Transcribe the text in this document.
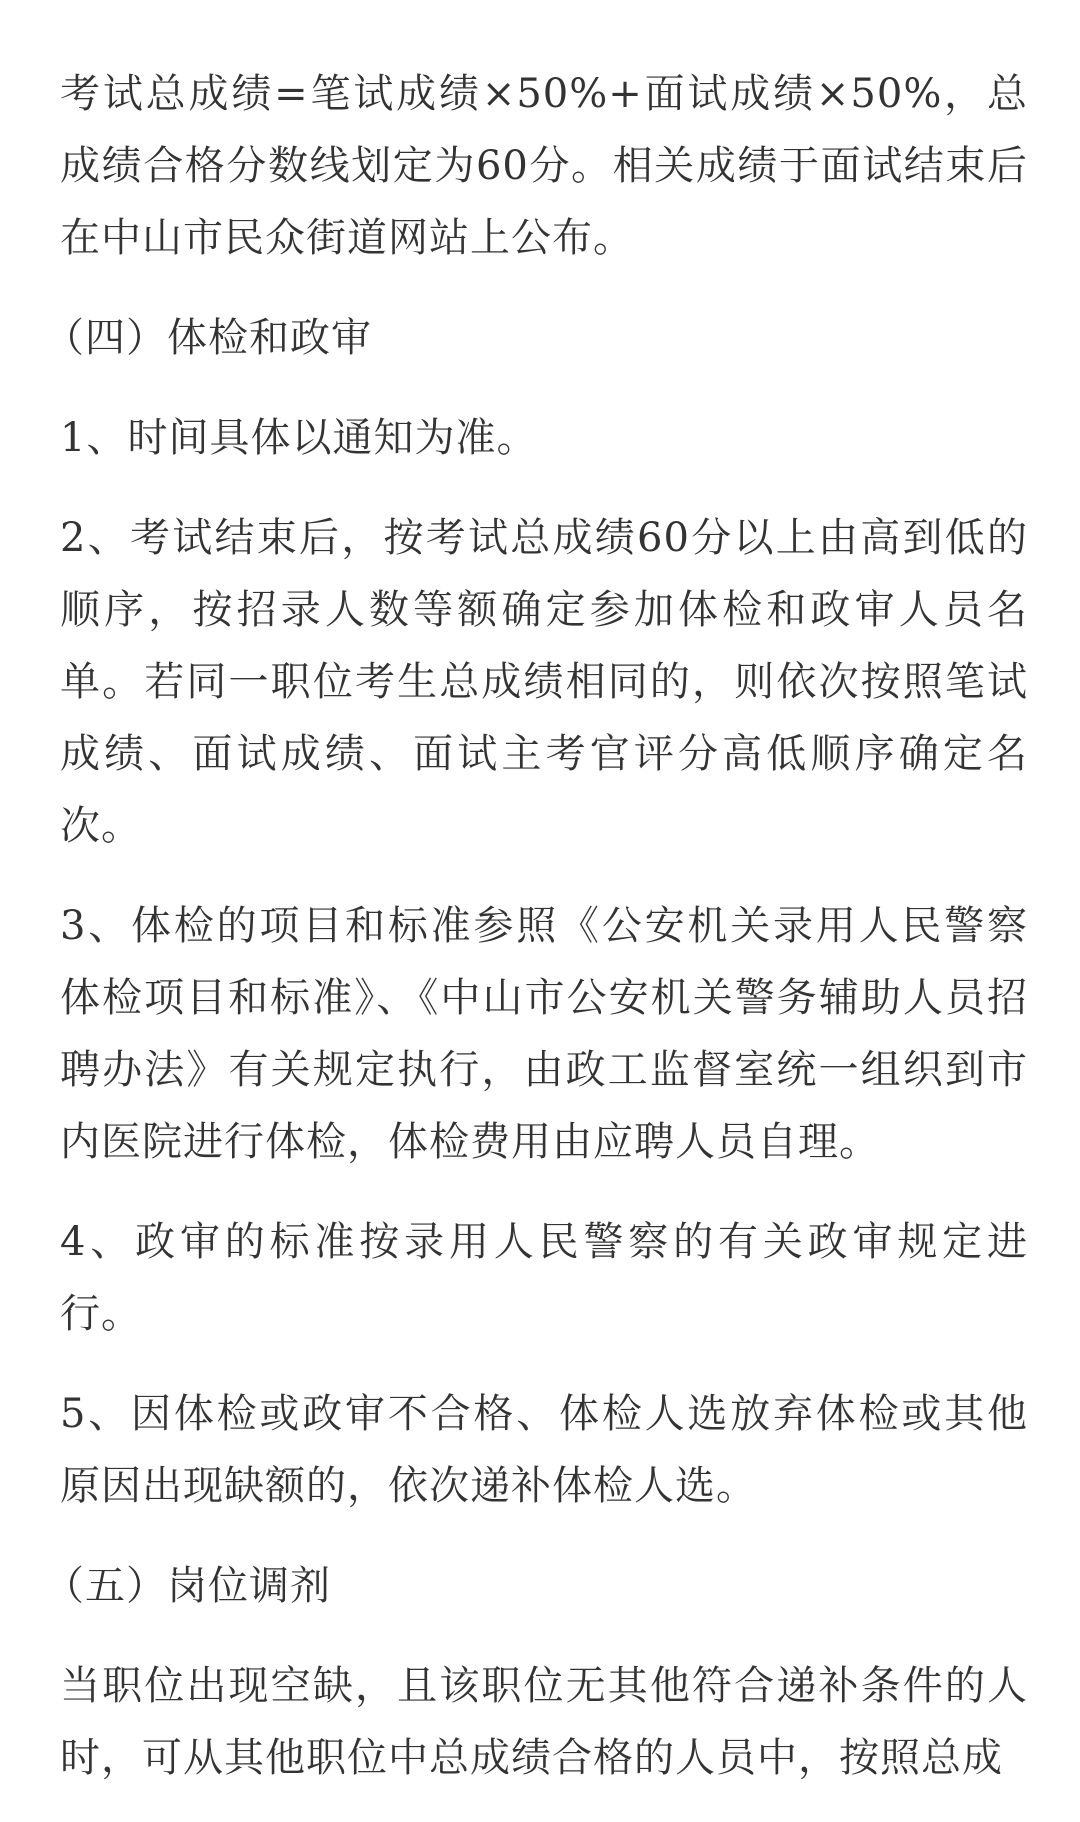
考试总成绩=笔试成绩×50%+面试成绩×50%，总成绩合格分数线划定为60分。相关成绩于面试结束后在中山市民众街道网站上公布。

（四）体检和政审

1、时间具体以通知为准。

2、考试结束后，按考试总成绩60分以上由高到低的顺序，按招录人数等额确定参加体检和政审人员名单。若同一职位考生总成绩相同的，则依次按照笔试成绩、面试成绩、面试主考官评分高低顺序确定名次。

3、体检的项目和标准参照《公安机关录用人民警察体检项目和标准》、《中山市公安机关警务辅助人员招聘办法》有关规定执行，由政工监督室统一组织到市内医院进行体检，体检费用由应聘人员自理。

4、政审的标准按录用人民警察的有关政审规定进行。

5、因体检或政审不合格、体检人选放弃体检或其他原因出现缺额的，依次递补体检人选。

（五）岗位调剂

当职位出现空缺，且该职位无其他符合递补条件的人时，可从其他职位中总成绩合格的人员中，按照总成
